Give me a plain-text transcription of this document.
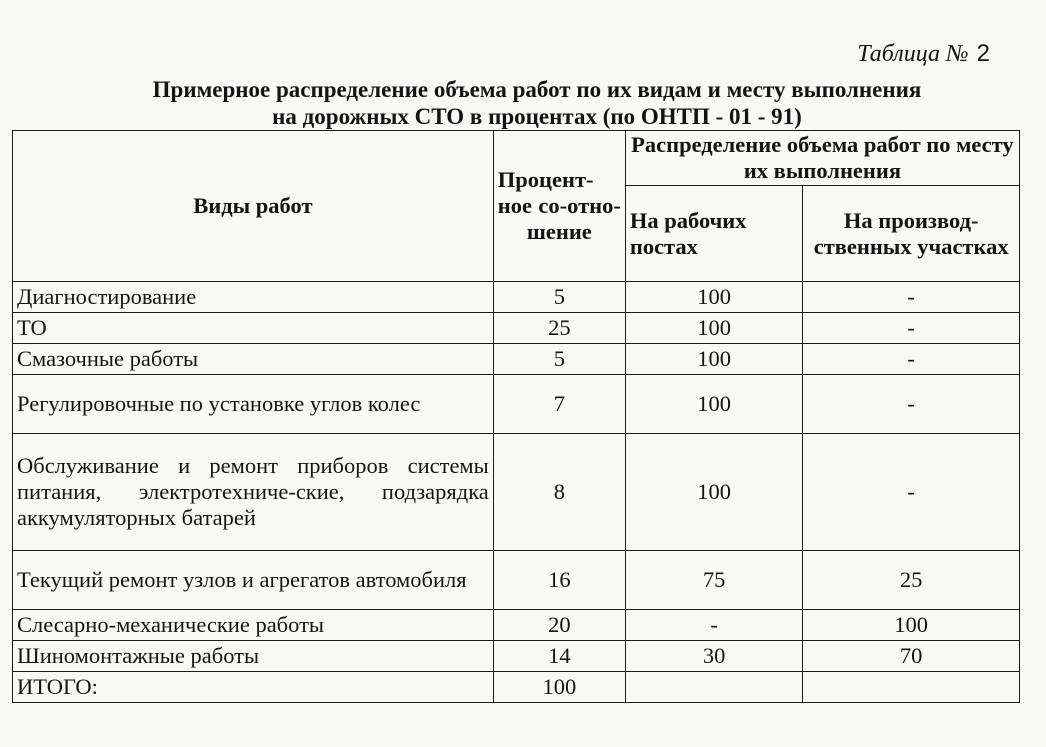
Таблица № 2
Примерное распределение объема работ по их видам и месту выполнения
на дорожных СТО в процентах (по ОНТП - 01 - 91)
Виды работ	Процент-ное со-отно-шение	Распределение объема работ по месту их выполнения	
		На рабочих постах	На производ-ственных участках
Диагностирование	5	100	-
ТО	25	100	-
Смазочные работы	5	100	-
Регулировочные по установке углов колес	7	100	-
Обслуживание и ремонт приборов системы питания, электротехниче-ские, подзарядка аккумуляторных батарей	8	100	-
Текущий ремонт узлов и агрегатов автомобиля	16	75	25
Слесарно-механические работы	20	-	100
Шиномонтажные работы	14	30	70
ИТОГО:	100		
